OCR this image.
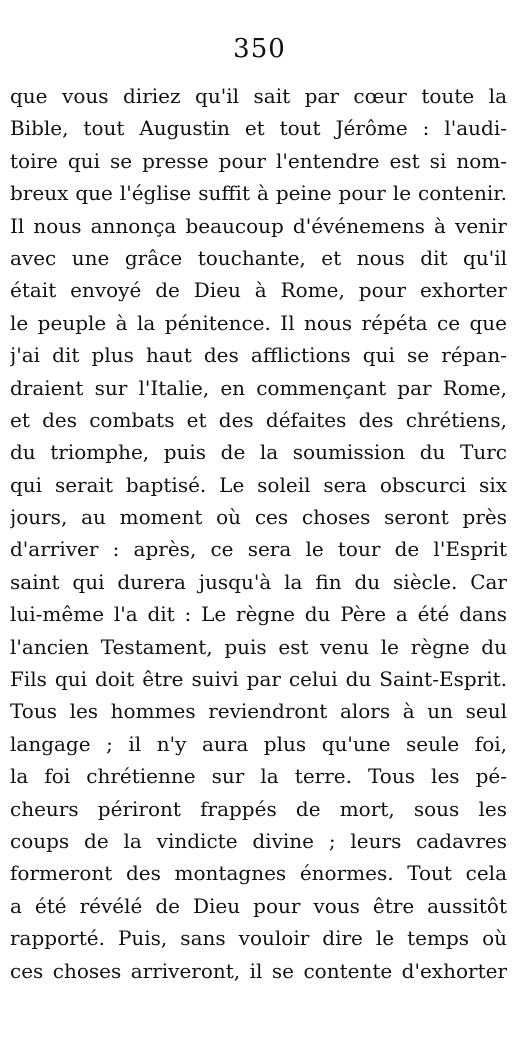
350
que vous diriez qu'il sait par cœur toute la
Bible, tout Augustin et tout Jérôme : l'audi-
toire qui se presse pour l'entendre est si nom-
breux que l'église suffit à peine pour le contenir.
Il nous annonça beaucoup d'événemens à venir
avec une grâce touchante, et nous dit qu'il
était envoyé de Dieu à Rome, pour exhorter
le peuple à la pénitence. Il nous répéta ce que
j'ai dit plus haut des afflictions qui se répan-
draient sur l'Italie, en commençant par Rome,
et des combats et des défaites des chrétiens,
du triomphe, puis de la soumission du Turc
qui serait baptisé. Le soleil sera obscurci six
jours, au moment où ces choses seront près
d'arriver : après, ce sera le tour de l'Esprit
saint qui durera jusqu'à la fin du siècle. Car
lui-même l'a dit : Le règne du Père a été dans
l'ancien Testament, puis est venu le règne du
Fils qui doit être suivi par celui du Saint-Esprit.
Tous les hommes reviendront alors à un seul
langage ; il n'y aura plus qu'une seule foi,
la foi chrétienne sur la terre. Tous les pé-
cheurs périront frappés de mort, sous les
coups de la vindicte divine ; leurs cadavres
formeront des montagnes énormes. Tout cela
a été révélé de Dieu pour vous être aussitôt
rapporté. Puis, sans vouloir dire le temps où
ces choses arriveront, il se contente d'exhorter
